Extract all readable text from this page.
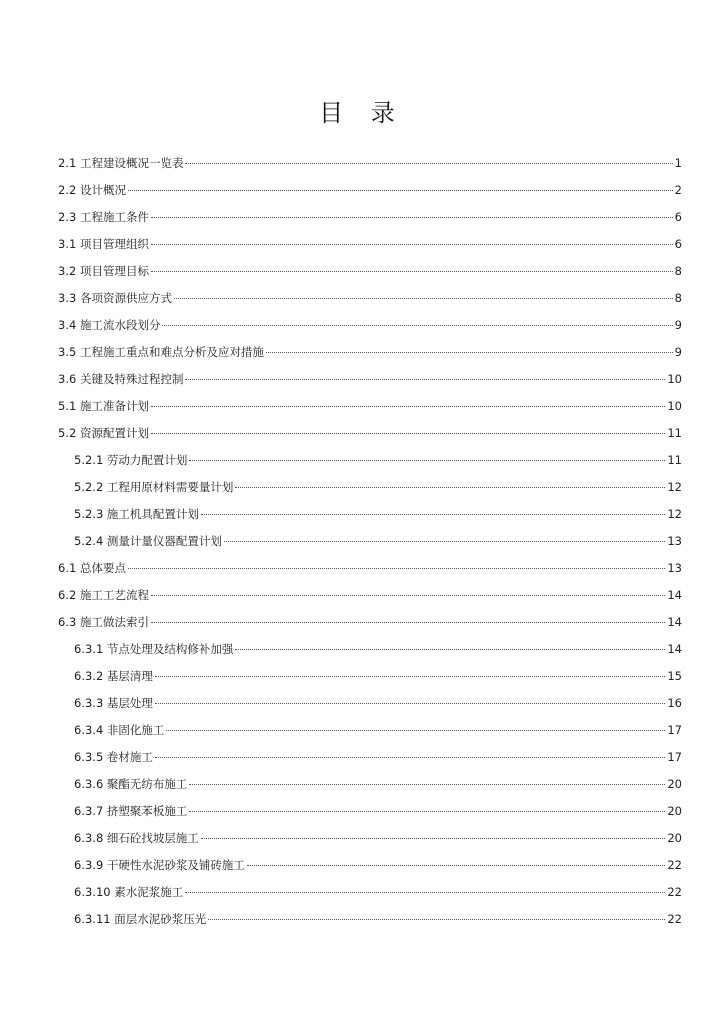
目 录
2.1 工程建设概况一览表	1
2.2 设计概况	2
2.3 工程施工条件	6
3.1 项目管理组织	6
3.2 项目管理目标	8
3.3 各项资源供应方式	8
3.4 施工流水段划分	9
3.5 工程施工重点和难点分析及应对措施	9
3.6 关键及特殊过程控制	10
5.1 施工准备计划	10
5.2 资源配置计划	11
5.2.1 劳动力配置计划	11
5.2.2 工程用原材料需要量计划	12
5.2.3 施工机具配置计划	12
5.2.4 测量计量仪器配置计划	13
6.1 总体要点	13
6.2 施工工艺流程	14
6.3 施工做法索引	14
6.3.1 节点处理及结构修补加强	14
6.3.2 基层清理	15
6.3.3 基层处理	16
6.3.4 非固化施工	17
6.3.5 卷材施工	17
6.3.6 聚酯无纺布施工	20
6.3.7 挤塑聚苯板施工	20
6.3.8 细石砼找坡层施工	20
6.3.9 干硬性水泥砂浆及铺砖施工	22
6.3.10 素水泥浆施工	22
6.3.11 面层水泥砂浆压光	22
